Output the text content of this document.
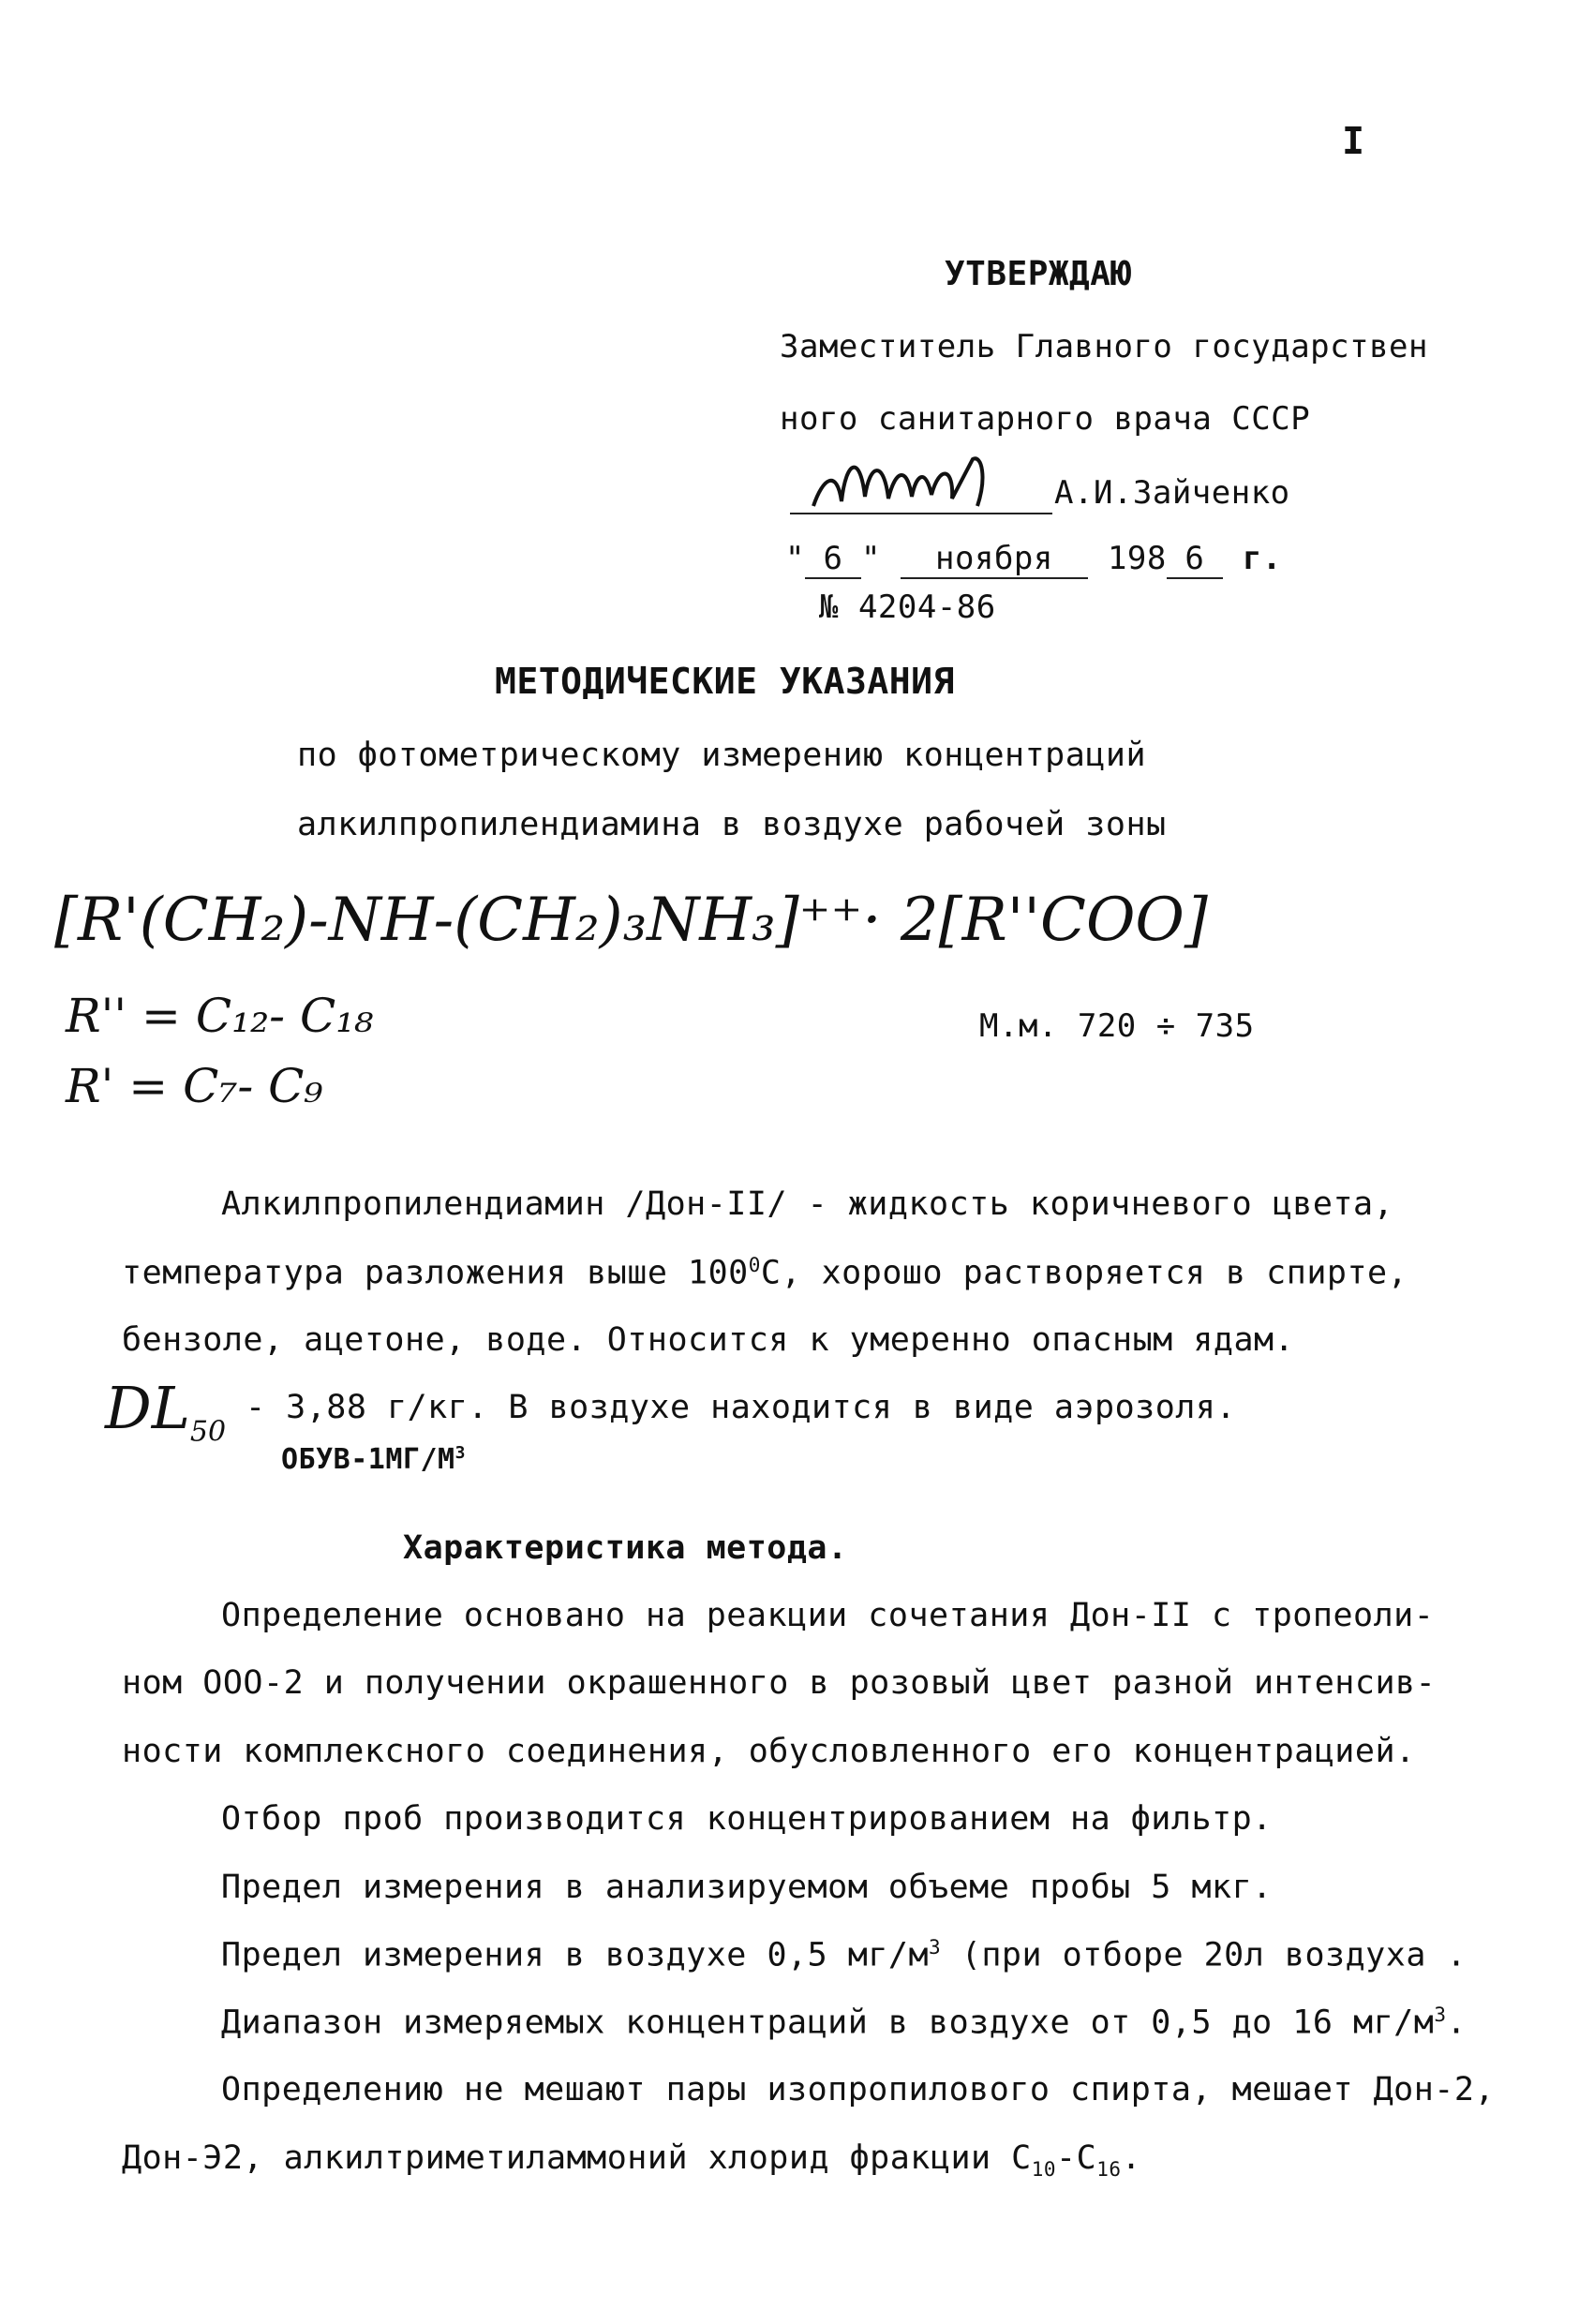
I
УТВЕРЖДАЮ
Заместитель Главного государствен
ного санитарного врача СССР
А.И.Зайченко
" 6 " ноября 198 6 г.
№ 4204-86
МЕТОДИЧЕСКИЕ УКАЗАНИЯ
по фотометрическому измерению концентраций
алкилпропилендиамина в воздухе рабочей зоны
[R'(CH₂)-NH-(CH₂)₃NH₃]⁺⁺· 2[R''COO]
R'' = C₁₂- C₁₈
R' = C₇- C₉
М.м. 720 ÷ 735
Алкилпропилендиамин /Дон-II/ - жидкость коричневого цвета,
температура разложения выше $100^0С$, хорошо растворяется в спирте,
бензоле, ацетоне, воде. Относится к умеренно опасным ядам.
$DL_{50}$
- 3,88 г/кг. В воздухе находится в виде аэрозоля.
ОБУВ-$1МГ/М^3$
Характеристика метода.
Определение основано на реакции сочетания Дон-II с тропеоли-
ном ООО-2 и получении окрашенного в розовый цвет разной интенсив-
ности комплексного соединения, обусловленного его концентрацией.
Отбор проб производится концентрированием на фильтр.
Предел измерения в анализируемом объеме пробы 5 мкг.
Предел измерения в воздухе 0,5 $мг/м^3$ (при отборе 20л воздуха .
Диапазон измеряемых концентраций в воздухе от 0,5 до 16 $мг/м^3$.
Определению не мешают пары изопропилового спирта, мешает Дон-2,
Дон-Э2, алкилтриметиламмоний хлорид фракции $С_{10}-С_{16}$.
